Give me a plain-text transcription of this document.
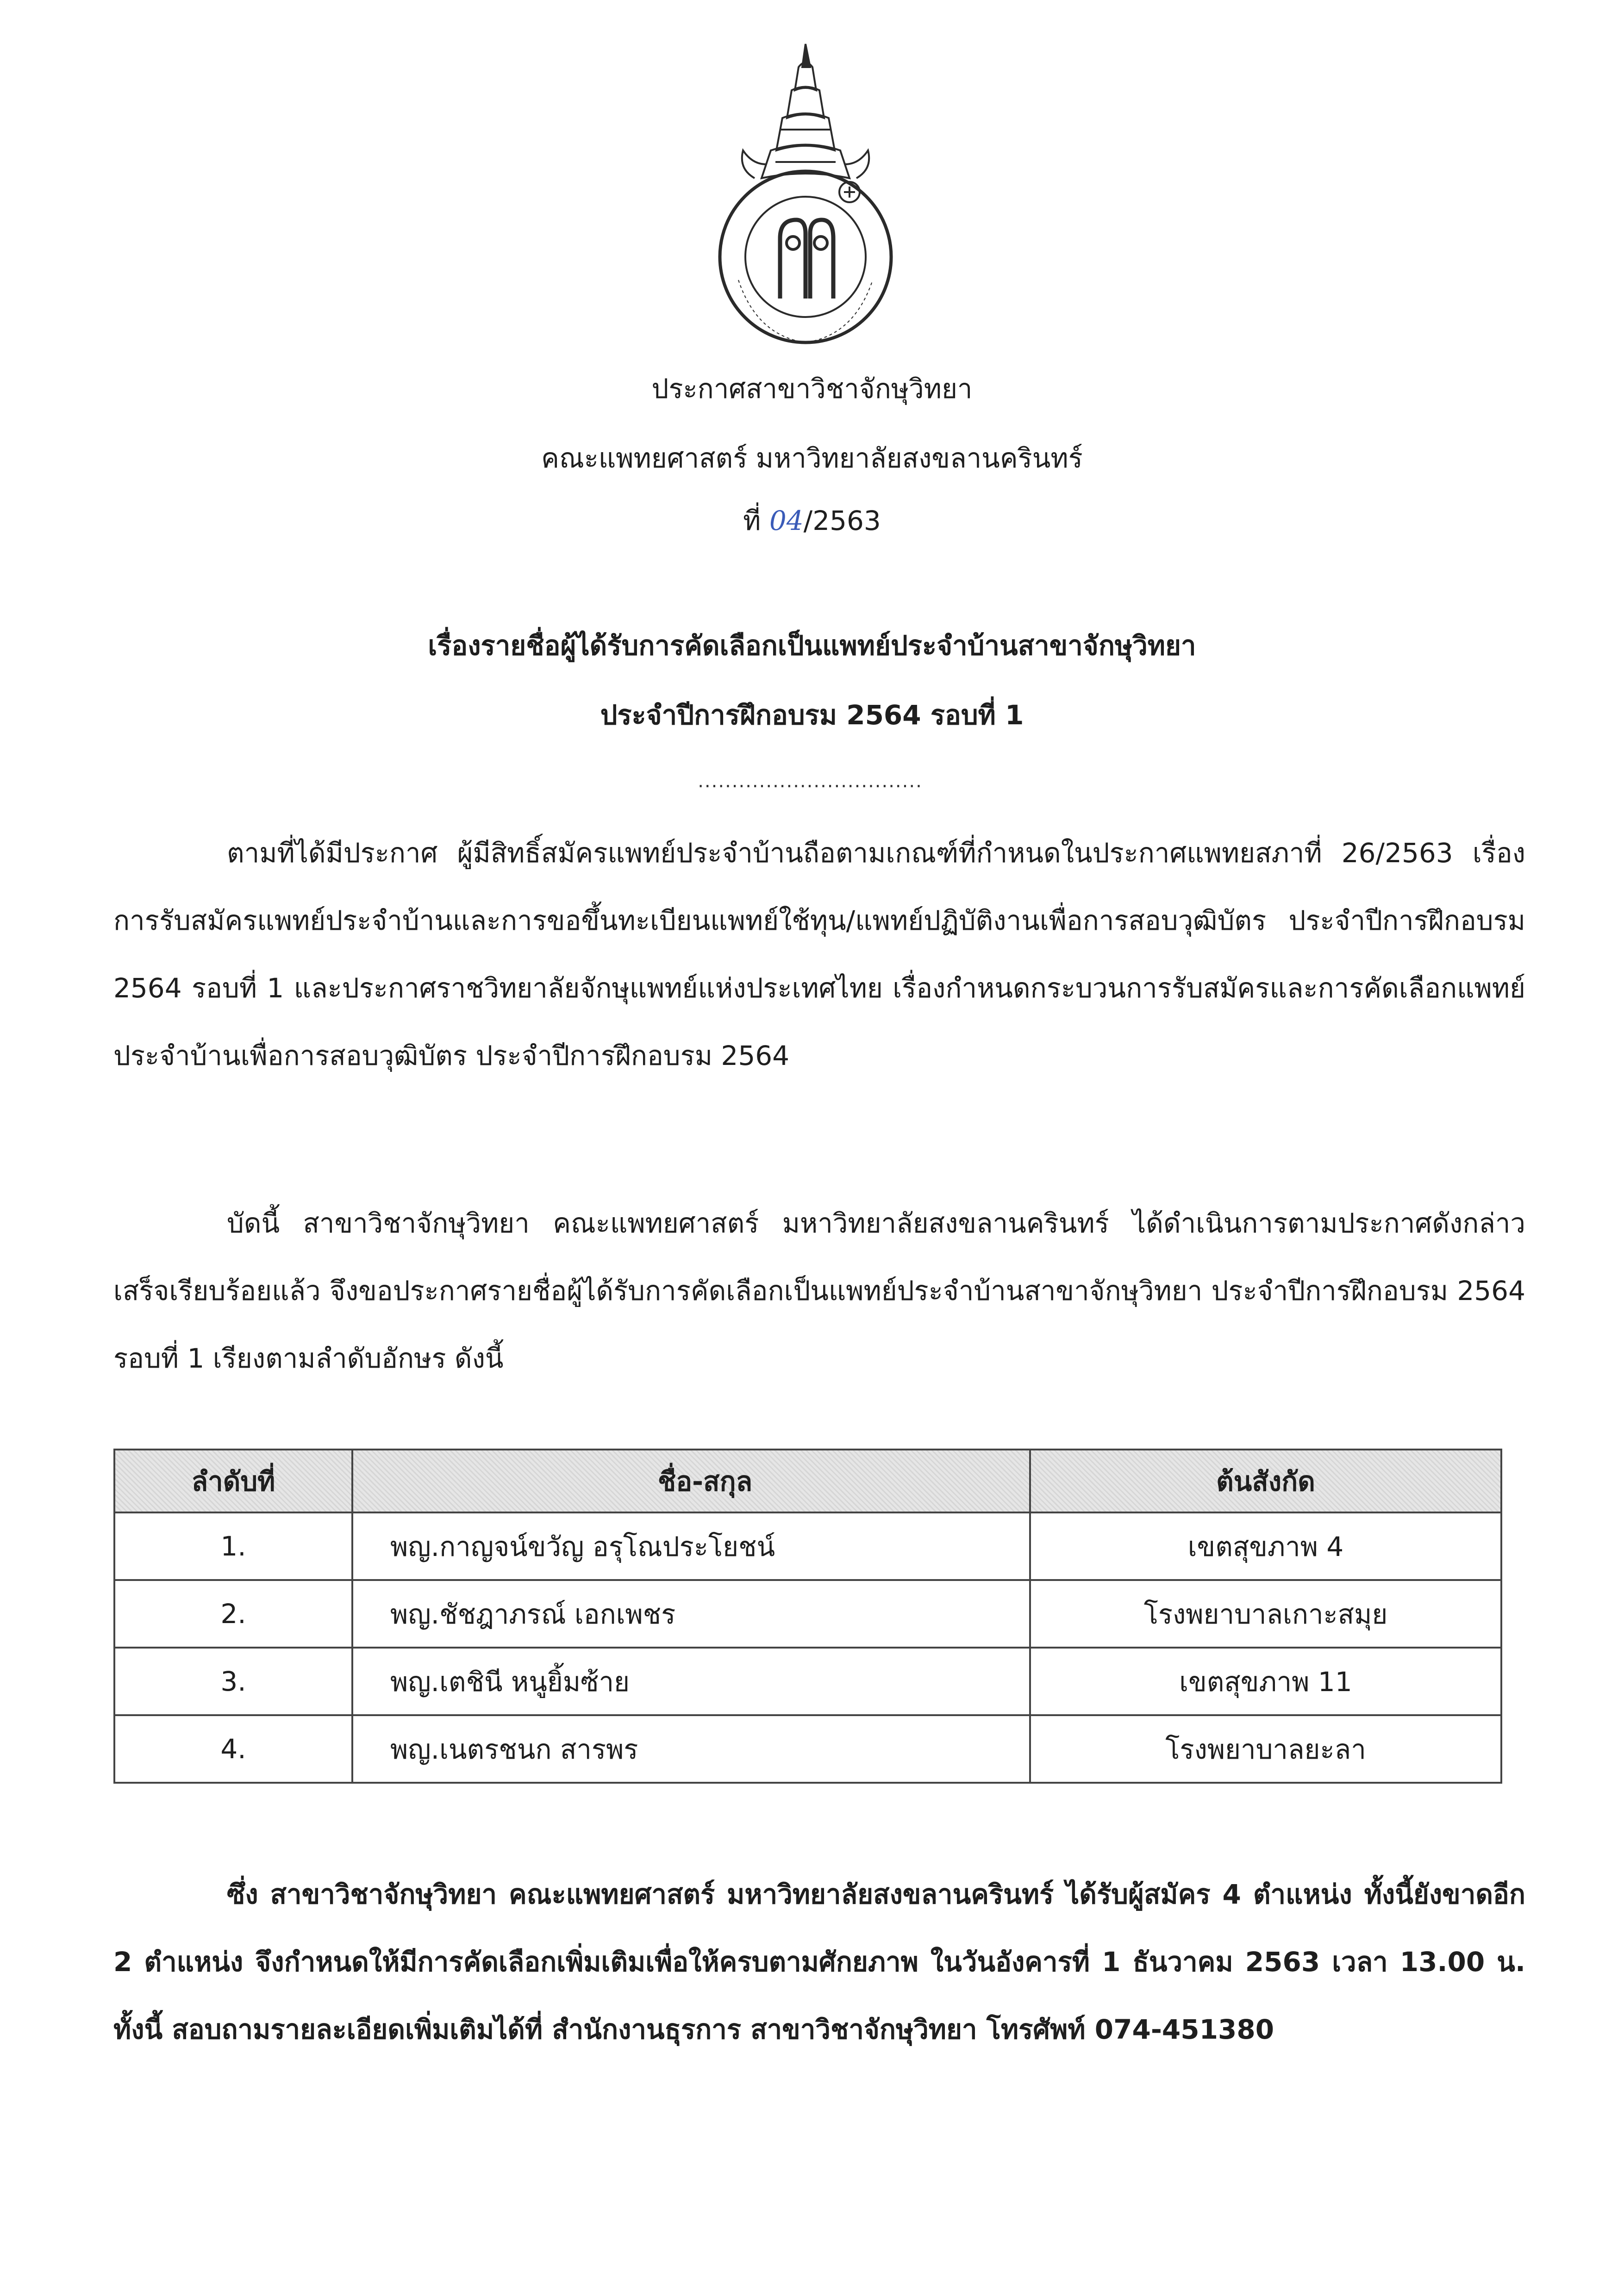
ประกาศสาขาวิชาจักษุวิทยา
คณะแพทยศาสตร์ มหาวิทยาลัยสงขลานครินทร์
ที่ 04/2563
เรื่องรายชื่อผู้ได้รับการคัดเลือกเป็นแพทย์ประจำบ้านสาขาจักษุวิทยา
ประจำปีการฝึกอบรม 2564 รอบที่ 1
.................................
ตามที่ได้มีประกาศ ผู้มีสิทธิ์สมัครแพทย์ประจำบ้านถือตามเกณฑ์ที่กำหนดในประกาศแพทยสภาที่ 26/2563 เรื่องการรับสมัครแพทย์ประจำบ้านและการขอขึ้นทะเบียนแพทย์ใช้ทุน/แพทย์ปฏิบัติงานเพื่อการสอบวุฒิบัตร ประจำปีการฝึกอบรม 2564 รอบที่ 1 และประกาศราชวิทยาลัยจักษุแพทย์แห่งประเทศไทย เรื่องกำหนดกระบวนการรับสมัครและการคัดเลือกแพทย์ประจำบ้านเพื่อการสอบวุฒิบัตร ประจำปีการฝึกอบรม 2564
บัดนี้ สาขาวิชาจักษุวิทยา คณะแพทยศาสตร์ มหาวิทยาลัยสงขลานครินทร์ ได้ดำเนินการตามประกาศดังกล่าว เสร็จเรียบร้อยแล้ว จึงขอประกาศรายชื่อผู้ได้รับการคัดเลือกเป็นแพทย์ประจำบ้านสาขาจักษุวิทยา ประจำปีการฝึกอบรม 2564 รอบที่ 1 เรียงตามลำดับอักษร ดังนี้
ลำดับที่	ชื่อ-สกุล	ต้นสังกัด
1.	พญ.กาญจน์ขวัญ อรุโณประโยชน์	เขตสุขภาพ 4
2.	พญ.ชัชฎาภรณ์ เอกเพชร	โรงพยาบาลเกาะสมุย
3.	พญ.เตชินี หนูยิ้มซ้าย	เขตสุขภาพ 11
4.	พญ.เนตรชนก สารพร	โรงพยาบาลยะลา
ซึ่ง สาขาวิชาจักษุวิทยา คณะแพทยศาสตร์ มหาวิทยาลัยสงขลานครินทร์ ได้รับผู้สมัคร 4 ตำแหน่ง ทั้งนี้ยังขาดอีก 2 ตำแหน่ง จึงกำหนดให้มีการคัดเลือกเพิ่มเติมเพื่อให้ครบตามศักยภาพ ในวันอังคารที่ 1 ธันวาคม 2563 เวลา 13.00 น. ทั้งนี้ สอบถามรายละเอียดเพิ่มเติมได้ที่ สำนักงานธุรการ สาขาวิชาจักษุวิทยา โทรศัพท์ 074-451380
